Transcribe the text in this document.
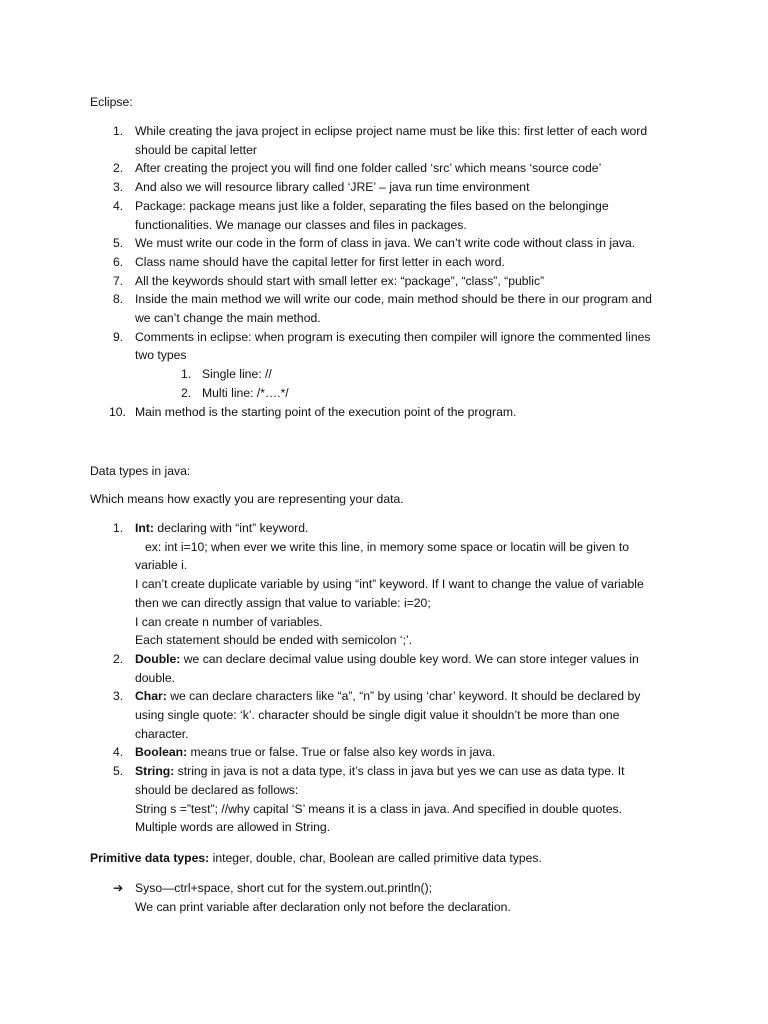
Eclipse:
1. While creating the java project in eclipse project name must be like this: first letter of each word should be capital letter
2. After creating the project you will find one folder called ‘src’ which means ‘source code’
3. And also we will resource library called ‘JRE’ – java run time environment
4. Package: package means just like a folder, separating the files based on the belonginge functionalities. We manage our classes and files in packages.
5. We must write our code in the form of class in java. We can’t write code without class in java.
6. Class name should have the capital letter for first letter in each word.
7. All the keywords should start with small letter ex: “package”, “class”, “public”
8. Inside the main method we will write our code, main method should be there in our program and we can’t change the main method.
9. Comments in eclipse: when program is executing then compiler will ignore the commented lines two types
1. Single line: //
2. Multi line: /*….*/
10. Main method is the starting point of the execution point of the program.
Data types in java:
Which means how exactly you are representing your data.
1. Int: declaring with “int” keyword.
ex: int i=10; when ever we write this line, in memory some space or locatin will be given to variable i.
I can’t create duplicate variable by using “int” keyword. If I want to change the value of variable then we can directly assign that value to variable: i=20;
I can create n number of variables.
Each statement should be ended with semicolon ‘;’.
2. Double: we can declare decimal value using double key word. We can store integer values in double.
3. Char: we can declare characters like “a”, “n” by using ‘char’ keyword. It should be declared by using single quote: ‘k’. character should be single digit value it shouldn’t be more than one character.
4. Boolean: means true or false. True or false also key words in java.
5. String: string in java is not a data type, it’s class in java but yes we can use as data type. It should be declared as follows:
String s =”test”; //why capital ‘S’ means it is a class in java. And specified in double quotes.
Multiple words are allowed in String.
Primitive data types: integer, double, char, Boolean are called primitive data types.
➔ Syso—ctrl+space, short cut for the system.out.println();
We can print variable after declaration only not before the declaration.
